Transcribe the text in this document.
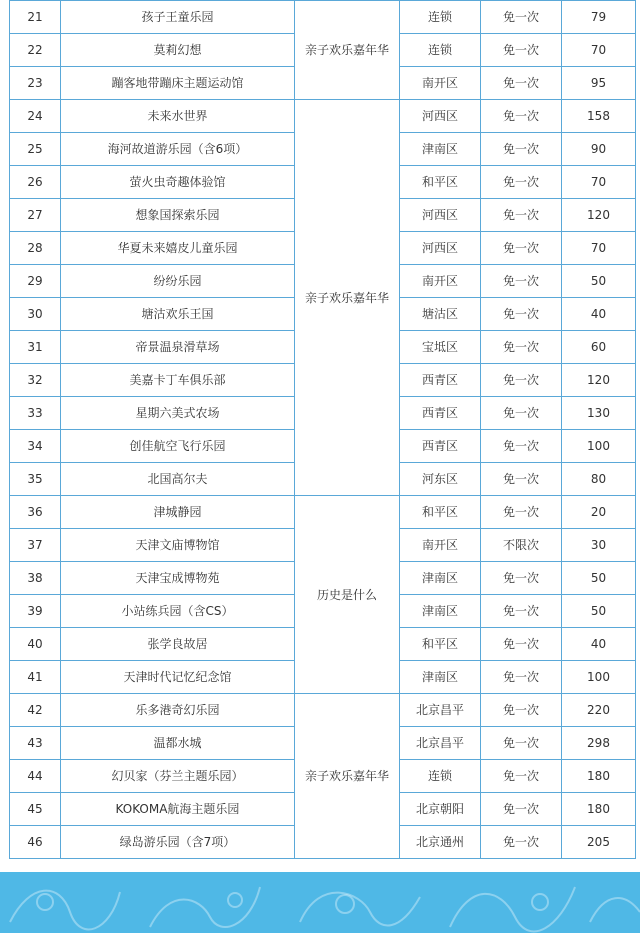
21	孩子王童乐园	亲子欢乐嘉年华	连锁	免一次	79
22	莫莉幻想		连锁	免一次	70
23	蹦客地带蹦床主题运动馆		南开区	免一次	95
24	未来水世界	亲子欢乐嘉年华	河西区	免一次	158
25	海河故道游乐园（含6项）		津南区	免一次	90
26	萤火虫奇趣体验馆		和平区	免一次	70
27	想象国探索乐园		河西区	免一次	120
28	华夏未来嬉皮儿童乐园		河西区	免一次	70
29	纷纷乐园		南开区	免一次	50
30	塘沽欢乐王国		塘沽区	免一次	40
31	帝景温泉滑草场		宝坻区	免一次	60
32	美嘉卡丁车俱乐部		西青区	免一次	120
33	星期六美式农场		西青区	免一次	130
34	创佳航空飞行乐园		西青区	免一次	100
35	北国高尔夫		河东区	免一次	80
36	津城静园	历史是什么	和平区	免一次	20
37	天津文庙博物馆		南开区	不限次	30
38	天津宝成博物苑		津南区	免一次	50
39	小站练兵园（含CS）		津南区	免一次	50
40	张学良故居		和平区	免一次	40
41	天津时代记忆纪念馆		津南区	免一次	100
42	乐多港奇幻乐园	亲子欢乐嘉年华	北京昌平	免一次	220
43	温都水城		北京昌平	免一次	298
44	幻贝家（芬兰主题乐园）		连锁	免一次	180
45	KOKOMA航海主题乐园		北京朝阳	免一次	180
46	绿岛游乐园（含7项）		北京通州	免一次	205
